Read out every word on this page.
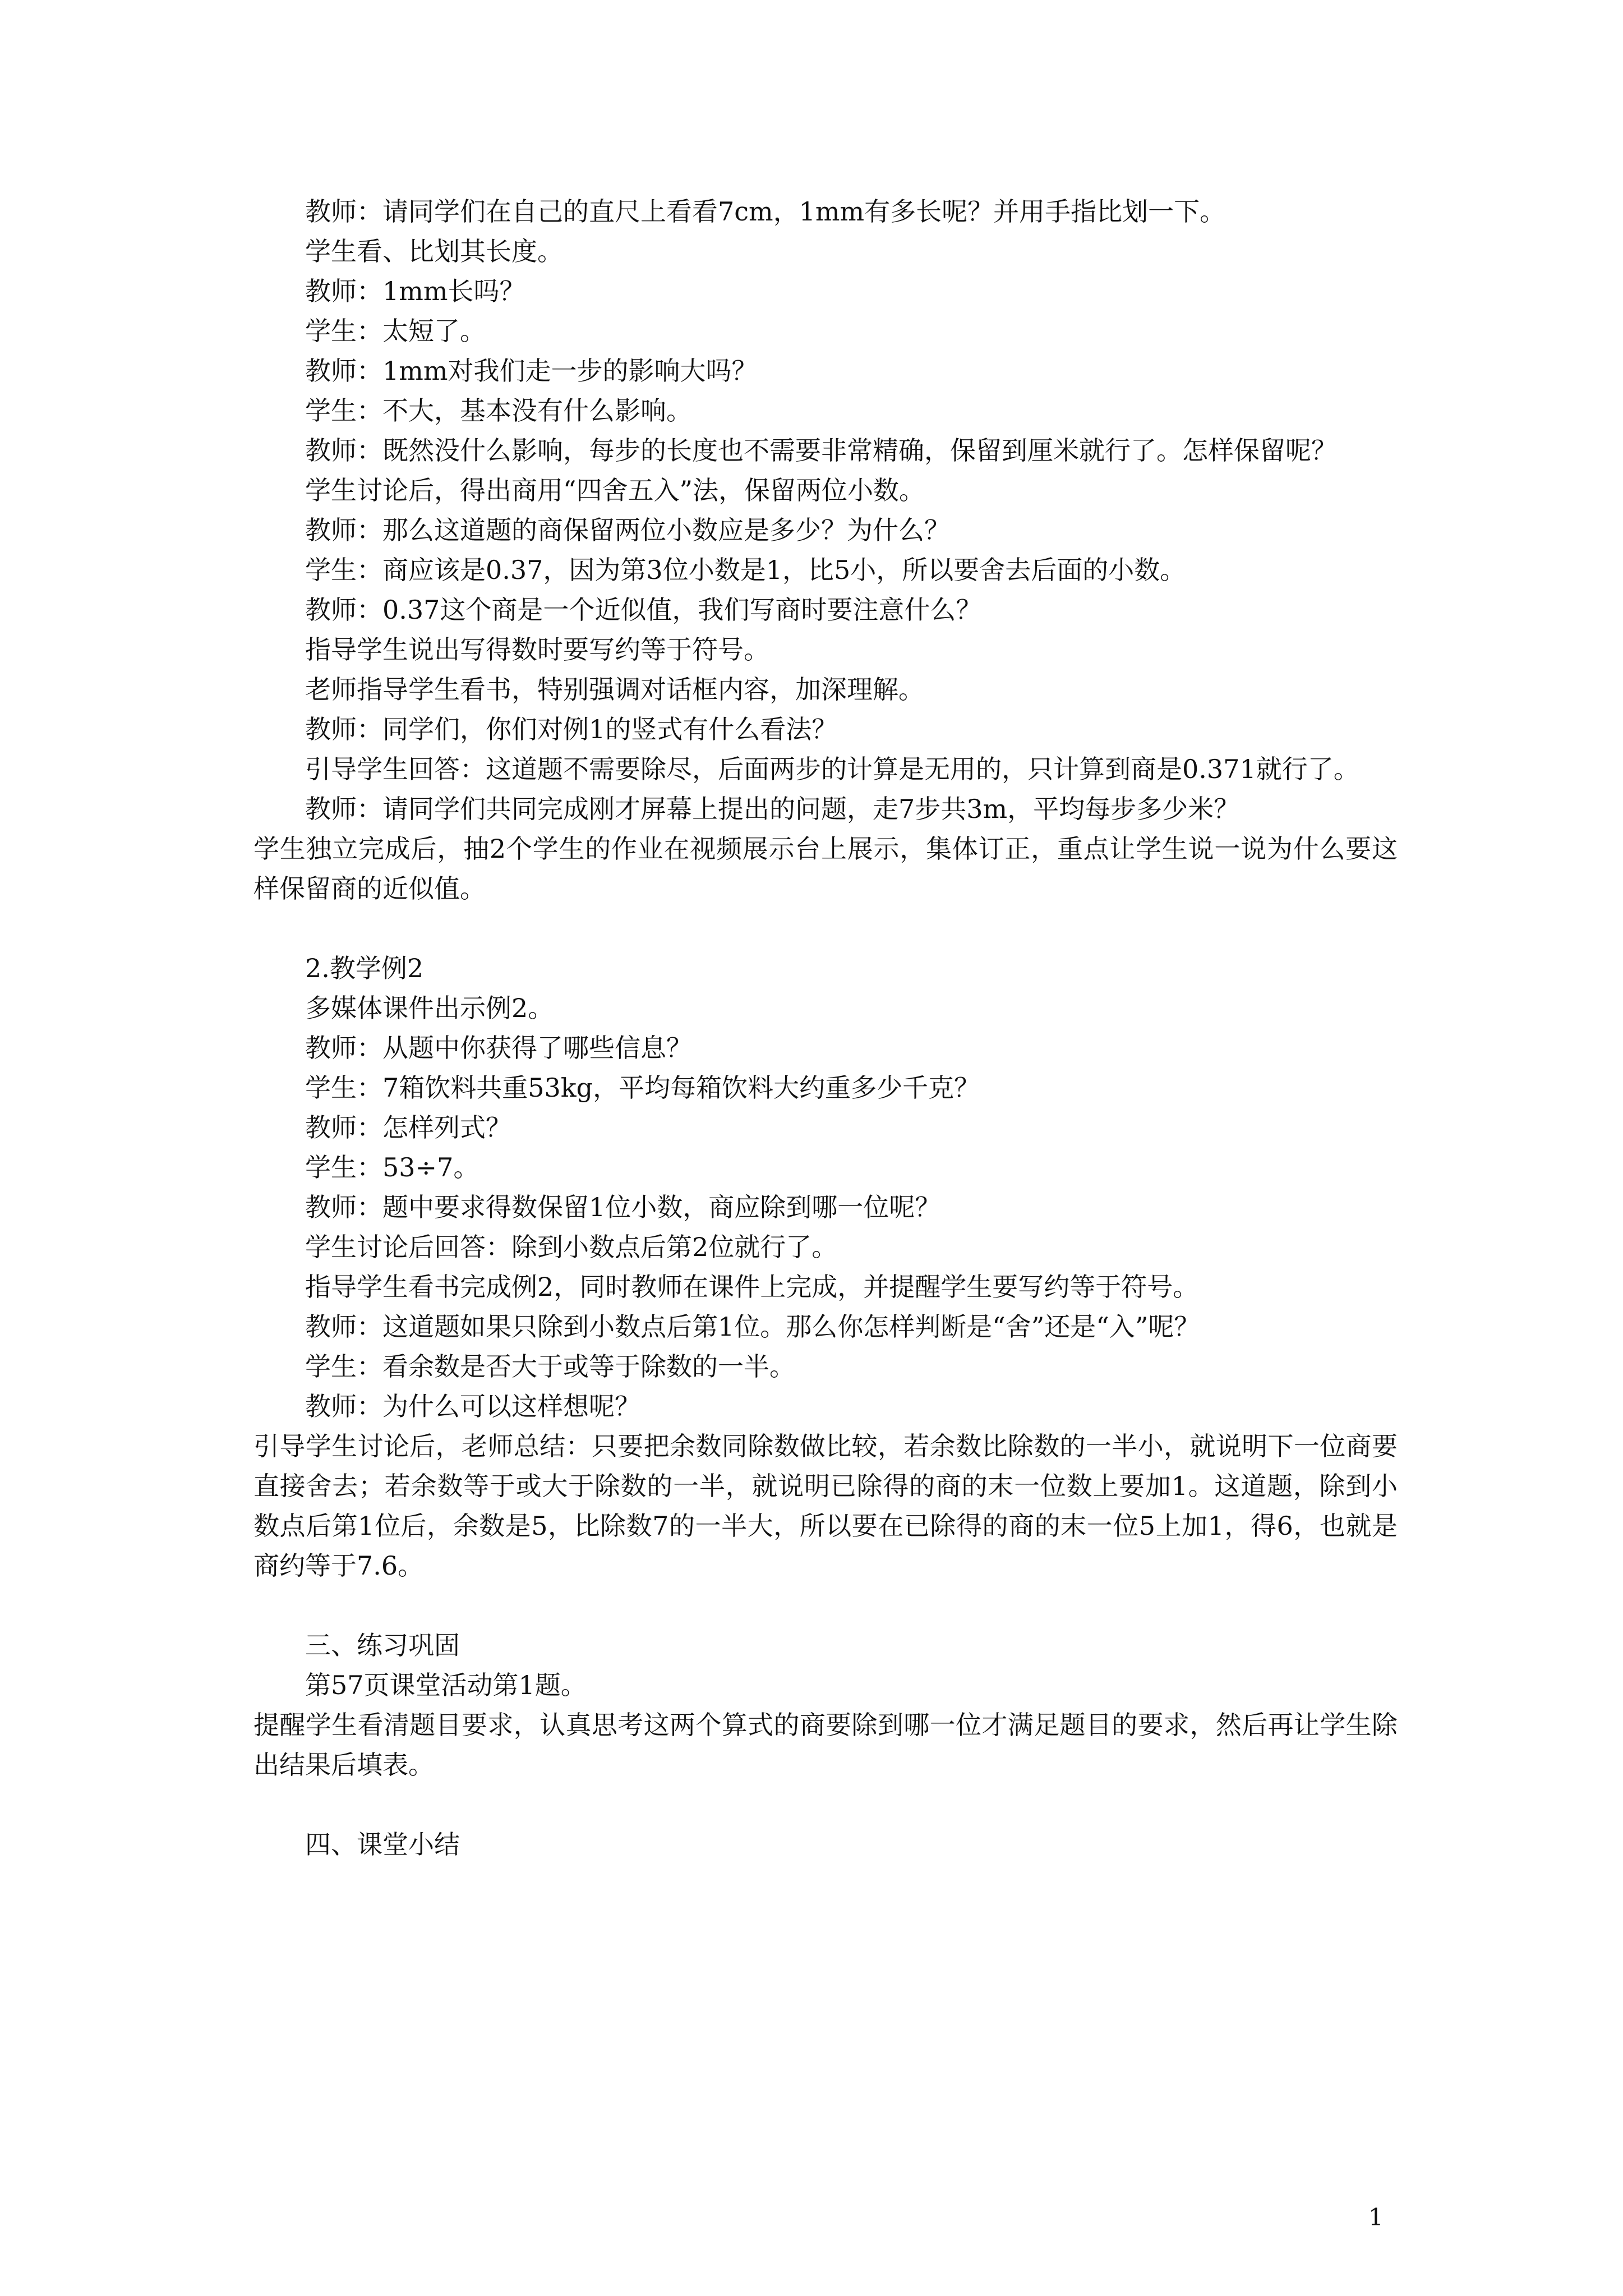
教师：请同学们在自己的直尺上看看7cm，1mm有多长呢？并用手指比划一下。

学生看、比划其长度。

教师：1mm长吗？

学生：太短了。

教师：1mm对我们走一步的影响大吗？

学生：不大，基本没有什么影响。

教师：既然没什么影响，每步的长度也不需要非常精确，保留到厘米就行了。怎样保留呢？

学生讨论后，得出商用“四舍五入”法，保留两位小数。

教师：那么这道题的商保留两位小数应是多少？为什么？

学生：商应该是0.37，因为第3位小数是1，比5小，所以要舍去后面的小数。

教师：0.37这个商是一个近似值，我们写商时要注意什么？

指导学生说出写得数时要写约等于符号。

老师指导学生看书，特别强调对话框内容，加深理解。

教师：同学们，你们对例1的竖式有什么看法？

引导学生回答：这道题不需要除尽，后面两步的计算是无用的，只计算到商是0.371就行了。

教师：请同学们共同完成刚才屏幕上提出的问题，走7步共3m，平均每步多少米？

学生独立完成后，抽2个学生的作业在视频展示台上展示，集体订正，重点让学生说一说为什么要这样保留商的近似值。

2.教学例2

多媒体课件出示例2。

教师：从题中你获得了哪些信息？

学生：7箱饮料共重53kg，平均每箱饮料大约重多少千克？

教师：怎样列式？

学生：53÷7。

教师：题中要求得数保留1位小数，商应除到哪一位呢？

学生讨论后回答：除到小数点后第2位就行了。

指导学生看书完成例2，同时教师在课件上完成，并提醒学生要写约等于符号。

教师：这道题如果只除到小数点后第1位。那么你怎样判断是“舍”还是“入”呢？

学生：看余数是否大于或等于除数的一半。

教师：为什么可以这样想呢？

引导学生讨论后，老师总结：只要把余数同除数做比较，若余数比除数的一半小，就说明下一位商要直接舍去；若余数等于或大于除数的一半，就说明已除得的商的末一位数上要加1。这道题，除到小数点后第1位后，余数是5，比除数7的一半大，所以要在已除得的商的末一位5上加1，得6，也就是商约等于7.6。

三、练习巩固

第57页课堂活动第1题。

提醒学生看清题目要求，认真思考这两个算式的商要除到哪一位才满足题目的要求，然后再让学生除出结果后填表。

四、课堂小结

1
